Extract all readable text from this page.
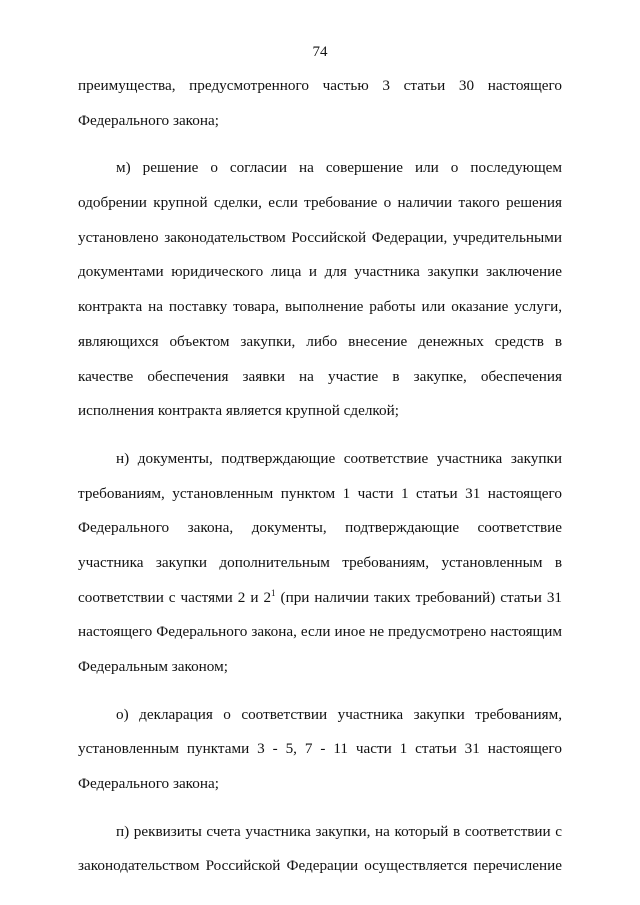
74
преимущества, предусмотренного частью 3 статьи 30 настоящего
Федерального закона;
м) решение о согласии на совершение или о последующем
одобрении крупной сделки, если требование о наличии такого решения
установлено законодательством Российской Федерации, учредительными
документами юридического лица и для участника закупки заключение
контракта на поставку товара, выполнение работы или оказание услуги,
являющихся объектом закупки, либо внесение денежных средств в
качестве обеспечения заявки на участие в закупке, обеспечения
исполнения контракта является крупной сделкой;
н) документы, подтверждающие соответствие участника закупки
требованиям, установленным пунктом 1 части 1 статьи 31 настоящего
Федерального закона, документы, подтверждающие соответствие
участника закупки дополнительным требованиям, установленным в
соответствии с частями 2 и $2^1$ (при наличии таких требований) статьи 31
настоящего Федерального закона, если иное не предусмотрено настоящим
Федеральным законом;
о) декларация о соответствии участника закупки требованиям,
установленным пунктами 3 - 5, 7 - 11 части 1 статьи 31 настоящего
Федерального закона;
п) реквизиты счета участника закупки, на который в соответствии с
законодательством Российской Федерации осуществляется перечисление
